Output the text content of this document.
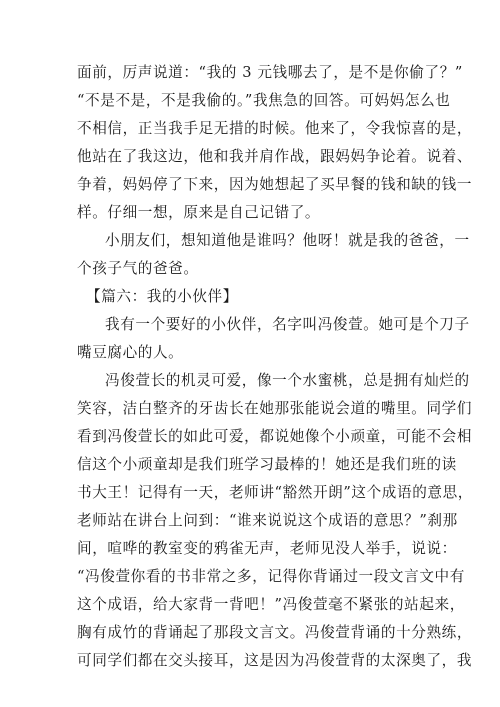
面前，厉声说道：“我的 3 元钱哪去了，是不是你偷了？”
“不是不是，不是我偷的。”我焦急的回答。可妈妈怎么也
不相信，正当我手足无措的时候。他来了，令我惊喜的是，
他站在了我这边，他和我并肩作战，跟妈妈争论着。说着、
争着，妈妈停了下来，因为她想起了买早餐的钱和缺的钱一
样。仔细一想，原来是自己记错了。
小朋友们，想知道他是谁吗？他呀！就是我的爸爸，一
个孩子气的爸爸。
【篇六：我的小伙伴】
我有一个要好的小伙伴，名字叫冯俊萱。她可是个刀子
嘴豆腐心的人。
冯俊萱长的机灵可爱，像一个水蜜桃，总是拥有灿烂的
笑容，洁白整齐的牙齿长在她那张能说会道的嘴里。同学们
看到冯俊萱长的如此可爱，都说她像个小顽童，可能不会相
信这个小顽童却是我们班学习最棒的！她还是我们班的读
书大王！记得有一天，老师讲“豁然开朗”这个成语的意思，
老师站在讲台上问到：“谁来说说这个成语的意思？”刹那
间，喧哗的教室变的鸦雀无声，老师见没人举手，说说：
“冯俊萱你看的书非常之多，记得你背诵过一段文言文中有
这个成语，给大家背一背吧！”冯俊萱毫不紧张的站起来，
胸有成竹的背诵起了那段文言文。冯俊萱背诵的十分熟练，
可同学们都在交头接耳，这是因为冯俊萱背的太深奥了，我
